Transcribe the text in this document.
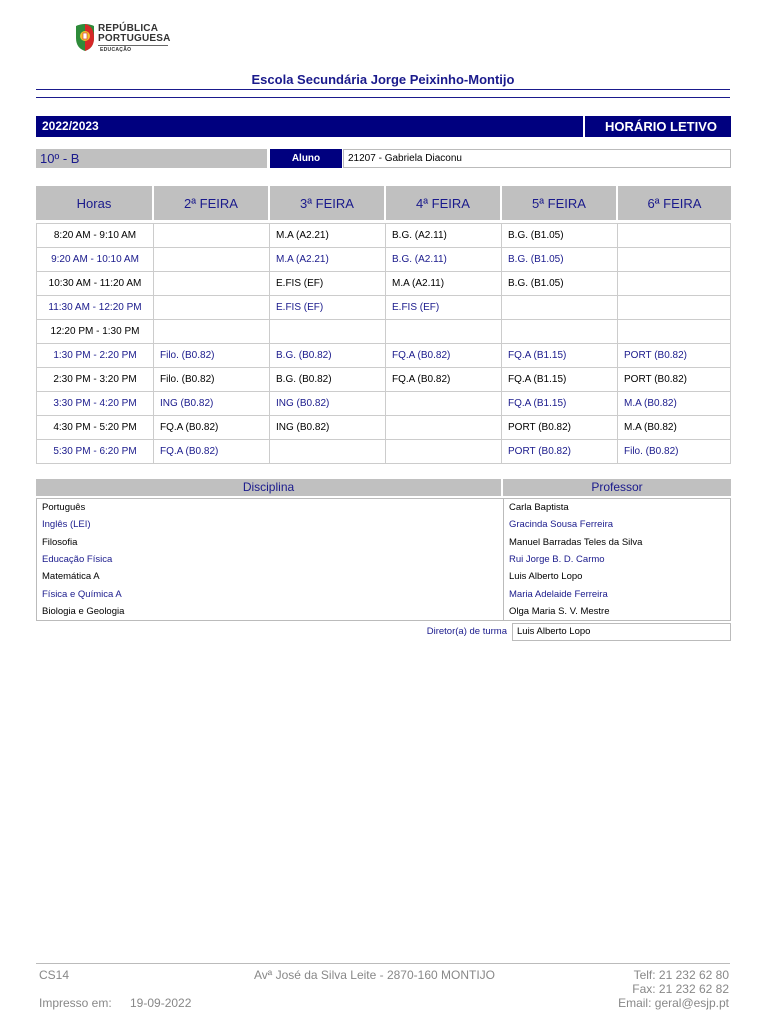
REPÚBLICA
PORTUGUESA
EDUCAÇÃO
Escola Secundária Jorge Peixinho-Montijo
2022/2023	HORÁRIO LETIVO
10º - B	Aluno	21207 - Gabriela Diaconu
Horas	2ª FEIRA	3ª FEIRA	4ª FEIRA	5ª FEIRA	6ª FEIRA

8:20 AM - 9:10 AM		M.A (A2.21)	B.G. (A2.11)	B.G. (B1.05)	
9:20 AM - 10:10 AM		M.A (A2.21)	B.G. (A2.11)	B.G. (B1.05)	
10:30 AM - 11:20 AM		E.FIS (EF)	M.A (A2.11)	B.G. (B1.05)	
11:30 AM - 12:20 PM		E.FIS (EF)	E.FIS (EF)		
12:20 PM - 1:30 PM					
1:30 PM - 2:20 PM	Filo. (B0.82)	B.G. (B0.82)	FQ.A (B0.82)	FQ.A (B1.15)	PORT (B0.82)
2:30 PM - 3:20 PM	Filo. (B0.82)	B.G. (B0.82)	FQ.A (B0.82)	FQ.A (B1.15)	PORT (B0.82)
3:30 PM - 4:20 PM	ING (B0.82)	ING (B0.82)		FQ.A (B1.15)	M.A (B0.82)
4:30 PM - 5:20 PM	FQ.A (B0.82)	ING (B0.82)		PORT (B0.82)	M.A (B0.82)
5:30 PM - 6:20 PM	FQ.A (B0.82)			PORT (B0.82)	Filo. (B0.82)
Disciplina	Professor
Português	Carla Baptista
Inglês (LEI)	Gracinda Sousa Ferreira
Filosofia	Manuel Barradas Teles da Silva
Educação Física	Rui Jorge B. D. Carmo
Matemática A	Luis Alberto Lopo
Física e Química A	Maria Adelaide Ferreira
Biologia e Geologia	Olga Maria S. V. Mestre
Diretor(a) de turma	Luis Alberto Lopo
CS14	Avª José da Silva Leite - 2870-160 MONTIJO	Telf: 21 232 62 80
Fax: 21 232 62 82
Email: geral@esjp.pt
Impresso em: 19-09-2022
